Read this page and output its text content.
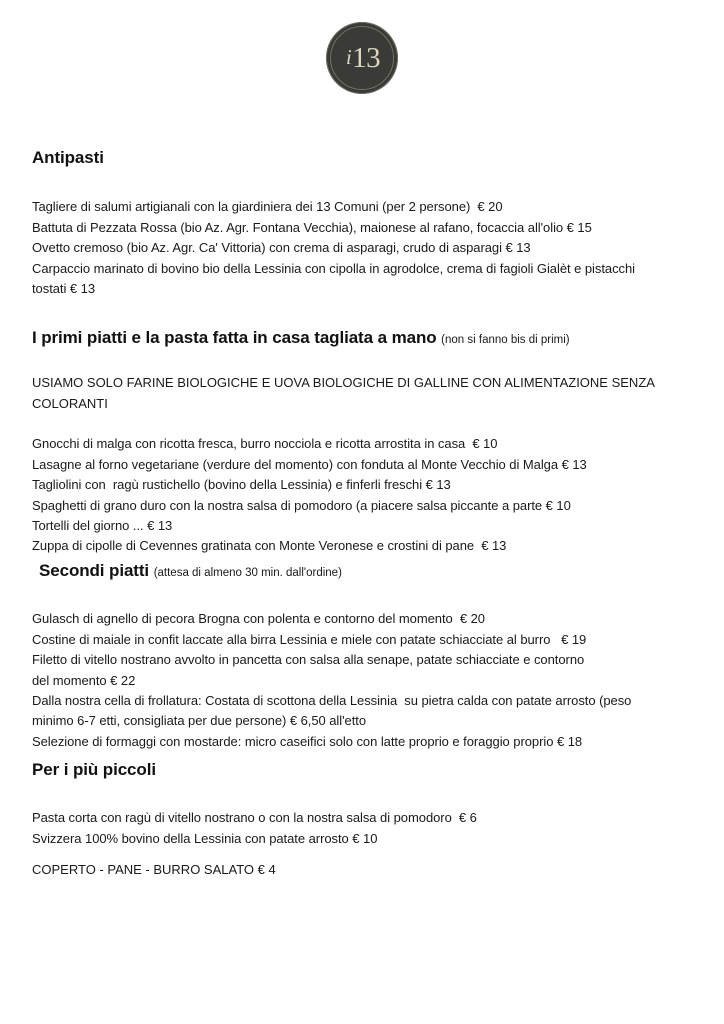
i13
Antipasti
Tagliere di salumi artigianali con la giardiniera dei 13 Comuni (per 2 persone)  € 20
Battuta di Pezzata Rossa (bio Az. Agr. Fontana Vecchia), maionese al rafano, focaccia all'olio € 15
Ovetto cremoso (bio Az. Agr. Ca' Vittoria) con crema di asparagi, crudo di asparagi € 13
Carpaccio marinato di bovino bio della Lessinia con cipolla in agrodolce, crema di fagioli Gialèt e pistacchi
tostati € 13
I primi piatti e la pasta fatta in casa tagliata a mano (non si fanno bis di primi)
USIAMO SOLO FARINE BIOLOGICHE E UOVA BIOLOGICHE DI GALLINE CON ALIMENTAZIONE SENZA COLORANTI
Gnocchi di malga con ricotta fresca, burro nocciola e ricotta arrostita in casa  € 10
Lasagne al forno vegetariane (verdure del momento) con fonduta al Monte Vecchio di Malga € 13
Tagliolini con  ragù rustichello (bovino della Lessinia) e finferli freschi € 13
Spaghetti di grano duro con la nostra salsa di pomodoro (a piacere salsa piccante a parte € 10
Tortelli del giorno ... € 13
Zuppa di cipolle di Cevennes gratinata con Monte Veronese e crostini di pane  € 13
Secondi piatti (attesa di almeno 30 min. dall'ordine)
Gulasch di agnello di pecora Brogna con polenta e contorno del momento  € 20
Costine di maiale in confit laccate alla birra Lessinia e miele con patate schiacciate al burro   € 19
Filetto di vitello nostrano avvolto in pancetta con salsa alla senape, patate schiacciate e contorno
del momento € 22
Dalla nostra cella di frollatura: Costata di scottona della Lessinia  su pietra calda con patate arrosto (peso
minimo 6-7 etti, consigliata per due persone) € 6,50 all'etto
Selezione di formaggi con mostarde: micro caseifici solo con latte proprio e foraggio proprio € 18
Per i più piccoli
Pasta corta con ragù di vitello nostrano o con la nostra salsa di pomodoro  € 6
Svizzera 100% bovino della Lessinia con patate arrosto € 10
COPERTO - PANE - BURRO SALATO € 4
